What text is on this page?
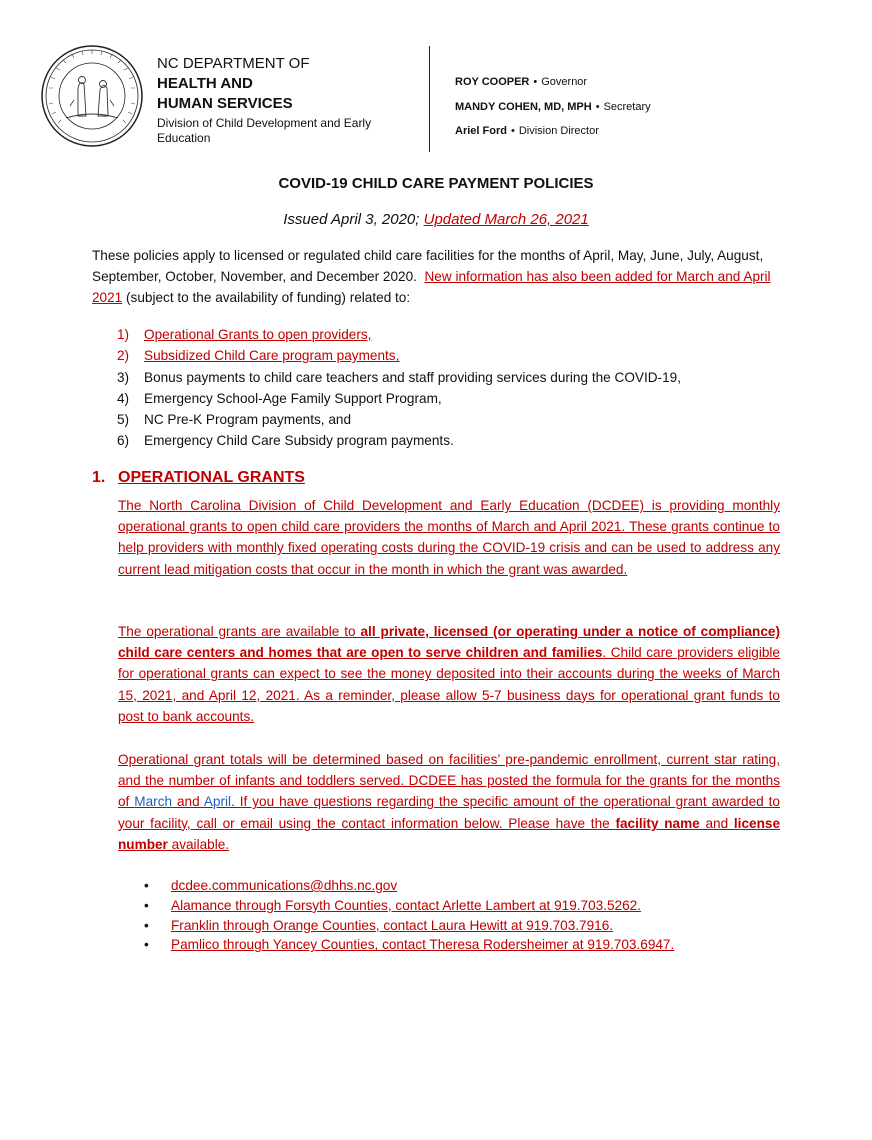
NC DEPARTMENT OF
HEALTH AND
HUMAN SERVICES
Division of Child Development and Early Education
ROY COOPER • Governor
MANDY COHEN, MD, MPH • Secretary
Ariel Ford • Division Director
COVID-19 CHILD CARE PAYMENT POLICIES
Issued April 3, 2020; Updated March 26, 2021
These policies apply to licensed or regulated child care facilities for the months of April, May, June, July, August, September, October, November, and December 2020. New information has also been added for March and April 2021 (subject to the availability of funding) related to:
1)	Operational Grants to open providers,
2)	Subsidized Child Care program payments,
3)	Bonus payments to child care teachers and staff providing services during the COVID-19,
4)	Emergency School-Age Family Support Program,
5)	NC Pre-K Program payments, and
6)	Emergency Child Care Subsidy program payments.
1. OPERATIONAL GRANTS
The North Carolina Division of Child Development and Early Education (DCDEE) is providing monthly operational grants to open child care providers the months of March and April 2021. These grants continue to help providers with monthly fixed operating costs during the COVID-19 crisis and can be used to address any current lead mitigation costs that occur in the month in which the grant was awarded.
The operational grants are available to all private, licensed (or operating under a notice of compliance) child care centers and homes that are open to serve children and families. Child care providers eligible for operational grants can expect to see the money deposited into their accounts during the weeks of March 15, 2021, and April 12, 2021. As a reminder, please allow 5-7 business days for operational grant funds to post to bank accounts.
Operational grant totals will be determined based on facilities’ pre-pandemic enrollment, current star rating, and the number of infants and toddlers served. DCDEE has posted the formula for the grants for the months of March and April. If you have questions regarding the specific amount of the operational grant awarded to your facility, call or email using the contact information below. Please have the facility name and license number available.
• dcdee.communications@dhhs.nc.gov
• Alamance through Forsyth Counties, contact Arlette Lambert at 919.703.5262.
• Franklin through Orange Counties, contact Laura Hewitt at 919.703.7916.
• Pamlico through Yancey Counties, contact Theresa Rodersheimer at 919.703.6947.
